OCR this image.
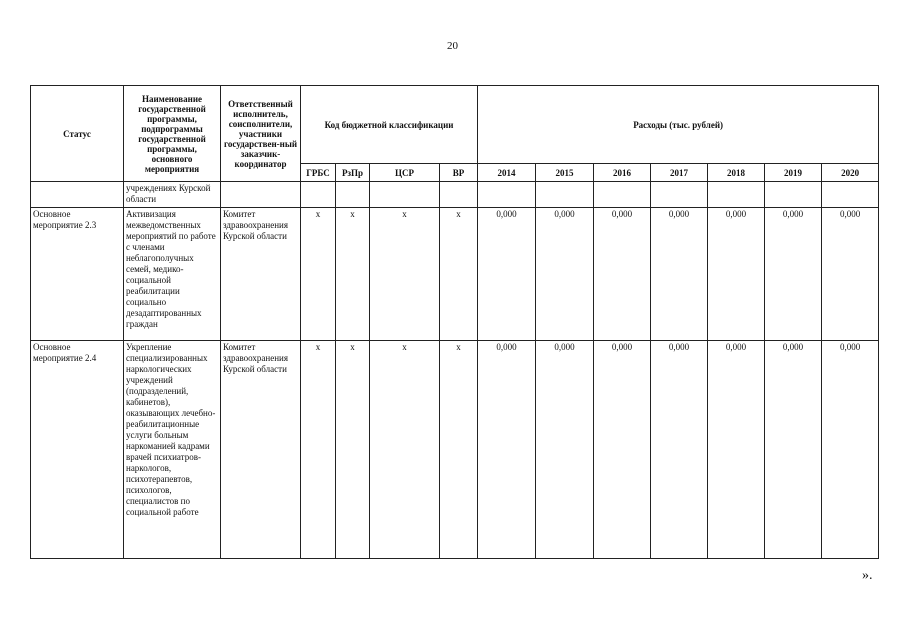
20
Статус	Наименование государственной программы, подпрограммы государственной программы, основного мероприятия	Ответственный исполнитель, соисполнители, участники государствен-ный заказчик-координатор	Код бюджетной классификации				Расходы (тыс. рублей)						
			ГРБС	РзПр	ЦСР	ВР	2014	2015	2016	2017	2018	2019	2020
	учреждениях Курской области												
Основное мероприятие 2.3	Активизация межведомственных мероприятий по работе с членами неблагополучных семей, медико-социальной реабилитации социально дезадаптированных граждан	Комитет здравоохранения Курской области	х	х	х	х	0,000	0,000	0,000	0,000	0,000	0,000	0,000
Основное мероприятие 2.4	Укрепление специализированных наркологических учреждений (подразделений, кабинетов), оказывающих лечебно-реабилитационные услуги больным наркоманией кадрами врачей психиатров-наркологов, психотерапевтов, психологов, специалистов по социальной работе	Комитет здравоохранения Курской области	х	х	х	х	0,000	0,000	0,000	0,000	0,000	0,000	0,000
».
